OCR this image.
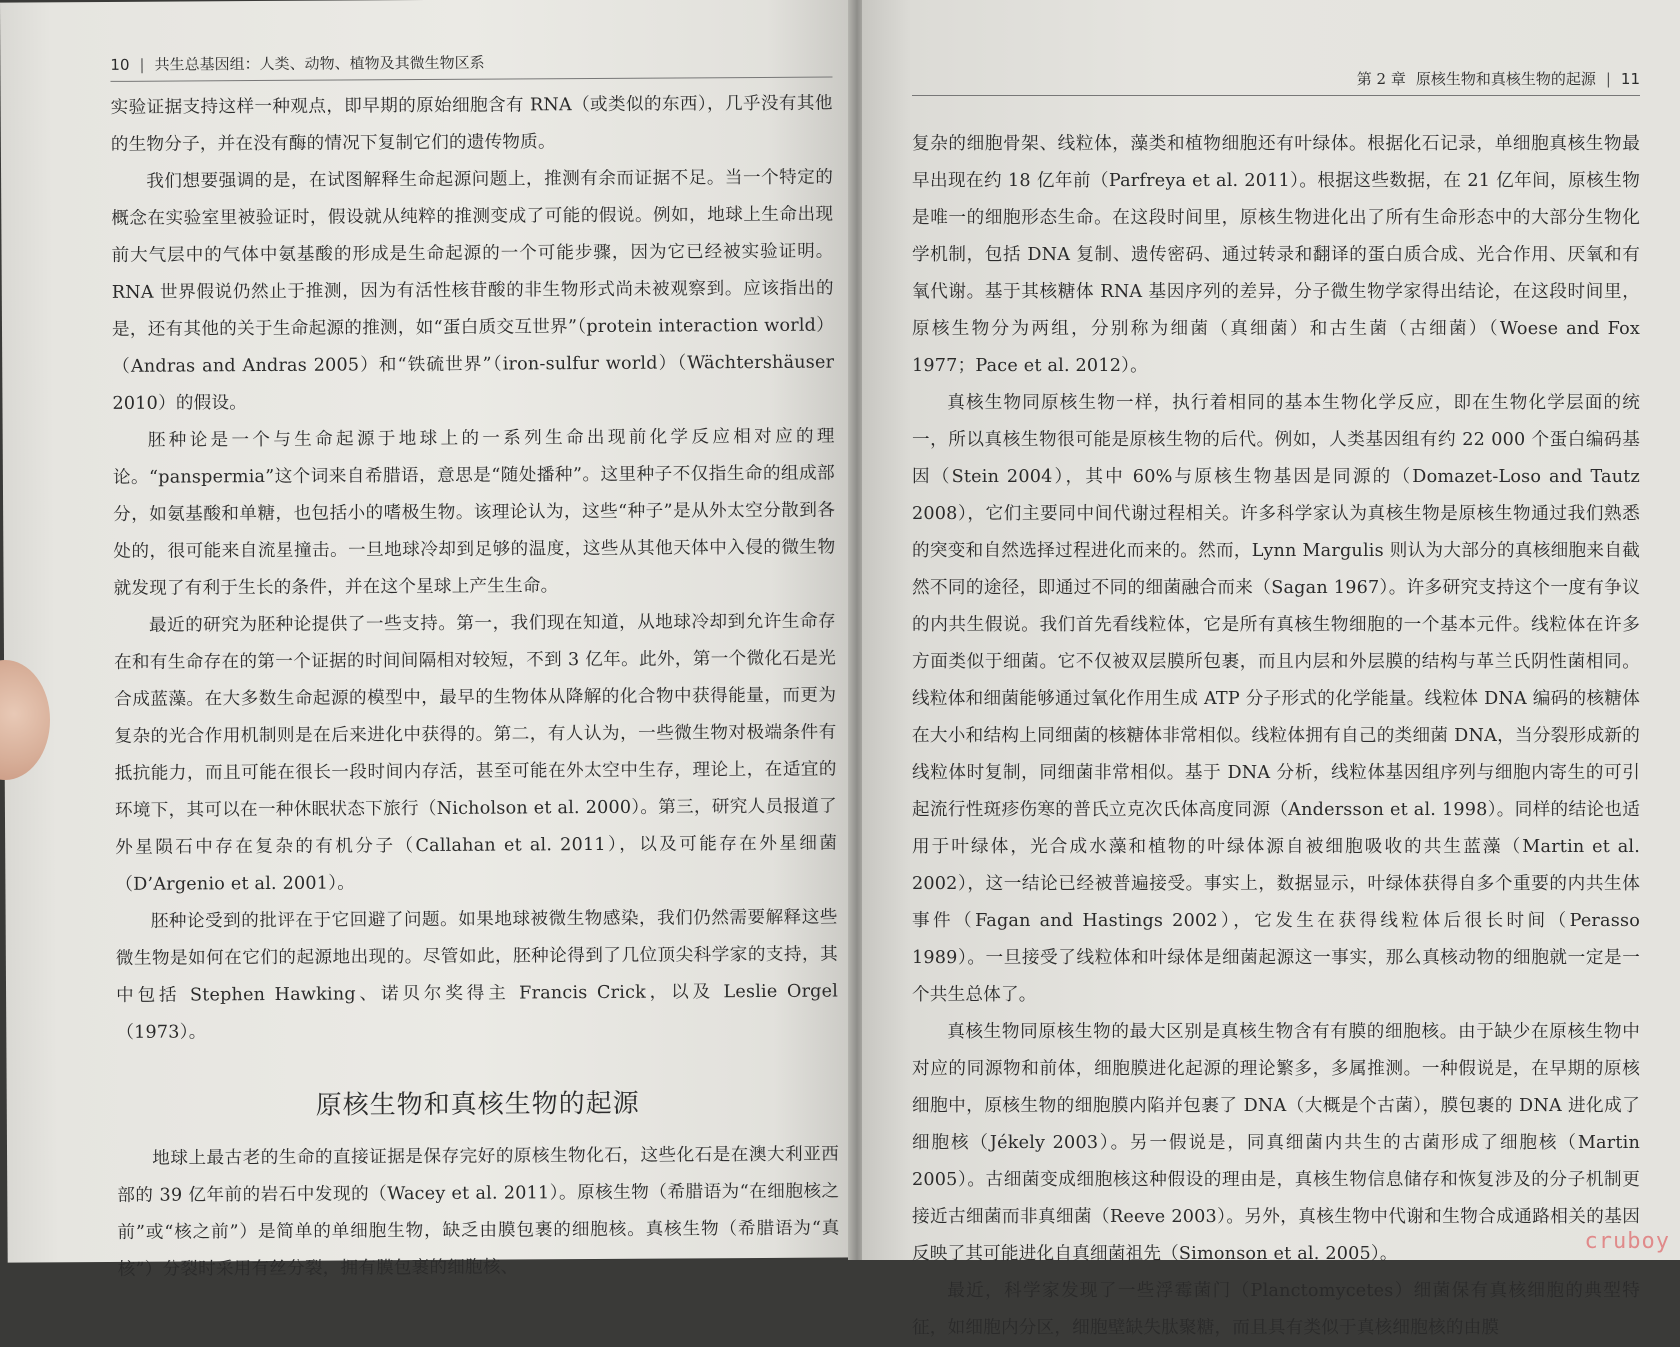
10 | 共生总基因组：人类、动物、植物及其微生物区系

实验证据支持这样一种观点，即早期的原始细胞含有 RNA（或类似的东西），几乎没有其他的生物分子，并在没有酶的情况下复制它们的遗传物质。

我们想要强调的是，在试图解释生命起源问题上，推测有余而证据不足。当一个特定的概念在实验室里被验证时，假设就从纯粹的推测变成了可能的假说。例如，地球上生命出现前大气层中的气体中氨基酸的形成是生命起源的一个可能步骤，因为它已经被实验证明。RNA 世界假说仍然止于推测，因为有活性核苷酸的非生物形式尚未被观察到。应该指出的是，还有其他的关于生命起源的推测，如“蛋白质交互世界”（protein interaction world）（Andras and Andras 2005）和“铁硫世界”（iron-sulfur world）（Wächtershäuser 2010）的假设。

胚种论是一个与生命起源于地球上的一系列生命出现前化学反应相对应的理论。“panspermia”这个词来自希腊语，意思是“随处播种”。这里种子不仅指生命的组成部分，如氨基酸和单糖，也包括小的嗜极生物。该理论认为，这些“种子”是从外太空分散到各处的，很可能来自流星撞击。一旦地球冷却到足够的温度，这些从其他天体中入侵的微生物就发现了有利于生长的条件，并在这个星球上产生生命。

最近的研究为胚种论提供了一些支持。第一，我们现在知道，从地球冷却到允许生命存在和有生命存在的第一个证据的时间间隔相对较短，不到 3 亿年。此外，第一个微化石是光合成蓝藻。在大多数生命起源的模型中，最早的生物体从降解的化合物中获得能量，而更为复杂的光合作用机制则是在后来进化中获得的。第二，有人认为，一些微生物对极端条件有抵抗能力，而且可能在很长一段时间内存活，甚至可能在外太空中生存，理论上，在适宜的环境下，其可以在一种休眠状态下旅行（Nicholson et al. 2000）。第三，研究人员报道了外星陨石中存在复杂的有机分子（Callahan et al. 2011），以及可能存在外星细菌（D’Argenio et al. 2001）。

胚种论受到的批评在于它回避了问题。如果地球被微生物感染，我们仍然需要解释这些微生物是如何在它们的起源地出现的。尽管如此，胚种论得到了几位顶尖科学家的支持，其中包括 Stephen Hawking、诺贝尔奖得主 Francis Crick，以及 Leslie Orgel（1973）。

原核生物和真核生物的起源

地球上最古老的生命的直接证据是保存完好的原核生物化石，这些化石是在澳大利亚西部的 39 亿年前的岩石中发现的（Wacey et al. 2011）。原核生物（希腊语为“在细胞核之前”或“核之前”）是简单的单细胞生物，缺乏由膜包裹的细胞核。真核生物（希腊语为“真核”）分裂时采用有丝分裂，拥有膜包裹的细胞核、

第 2 章 原核生物和真核生物的起源 | 11

复杂的细胞骨架、线粒体，藻类和植物细胞还有叶绿体。根据化石记录，单细胞真核生物最早出现在约 18 亿年前（Parfreya et al. 2011）。根据这些数据，在 21 亿年间，原核生物是唯一的细胞形态生命。在这段时间里，原核生物进化出了所有生命形态中的大部分生物化学机制，包括 DNA 复制、遗传密码、通过转录和翻译的蛋白质合成、光合作用、厌氧和有氧代谢。基于其核糖体 RNA 基因序列的差异，分子微生物学家得出结论，在这段时间里，原核生物分为两组，分别称为细菌（真细菌）和古生菌（古细菌）（Woese and Fox 1977；Pace et al. 2012）。

真核生物同原核生物一样，执行着相同的基本生物化学反应，即在生物化学层面的统一，所以真核生物很可能是原核生物的后代。例如，人类基因组有约 22 000 个蛋白编码基因（Stein 2004），其中 60%与原核生物基因是同源的（Domazet-Loso and Tautz 2008），它们主要同中间代谢过程相关。许多科学家认为真核生物是原核生物通过我们熟悉的突变和自然选择过程进化而来的。然而，Lynn Margulis 则认为大部分的真核细胞来自截然不同的途径，即通过不同的细菌融合而来（Sagan 1967）。许多研究支持这个一度有争议的内共生假说。我们首先看线粒体，它是所有真核生物细胞的一个基本元件。线粒体在许多方面类似于细菌。它不仅被双层膜所包裹，而且内层和外层膜的结构与革兰氏阴性菌相同。线粒体和细菌能够通过氧化作用生成 ATP 分子形式的化学能量。线粒体 DNA 编码的核糖体在大小和结构上同细菌的核糖体非常相似。线粒体拥有自己的类细菌 DNA，当分裂形成新的线粒体时复制，同细菌非常相似。基于 DNA 分析，线粒体基因组序列与细胞内寄生的可引起流行性斑疹伤寒的普氏立克次氏体高度同源（Andersson et al. 1998）。同样的结论也适用于叶绿体，光合成水藻和植物的叶绿体源自被细胞吸收的共生蓝藻（Martin et al. 2002），这一结论已经被普遍接受。事实上，数据显示，叶绿体获得自多个重要的内共生体事件（Fagan and Hastings 2002），它发生在获得线粒体后很长时间（Perasso 1989）。一旦接受了线粒体和叶绿体是细菌起源这一事实，那么真核动物的细胞就一定是一个共生总体了。

真核生物同原核生物的最大区别是真核生物含有有膜的细胞核。由于缺少在原核生物中对应的同源物和前体，细胞膜进化起源的理论繁多，多属推测。一种假说是，在早期的原核细胞中，原核生物的细胞膜内陷并包裹了 DNA（大概是个古菌），膜包裹的 DNA 进化成了细胞核（Jékely 2003）。另一假说是，同真细菌内共生的古菌形成了细胞核（Martin 2005）。古细菌变成细胞核这种假设的理由是，真核生物信息储存和恢复涉及的分子机制更接近古细菌而非真细菌（Reeve 2003）。另外，真核生物中代谢和生物合成通路相关的基因反映了其可能进化自真细菌祖先（Simonson et al. 2005）。

最近，科学家发现了一些浮霉菌门（Planctomycetes）细菌保有真核细胞的典型特征，如细胞内分区，细胞壁缺失肽聚糖，而且具有类似于真核细胞核的由膜

cruboy
